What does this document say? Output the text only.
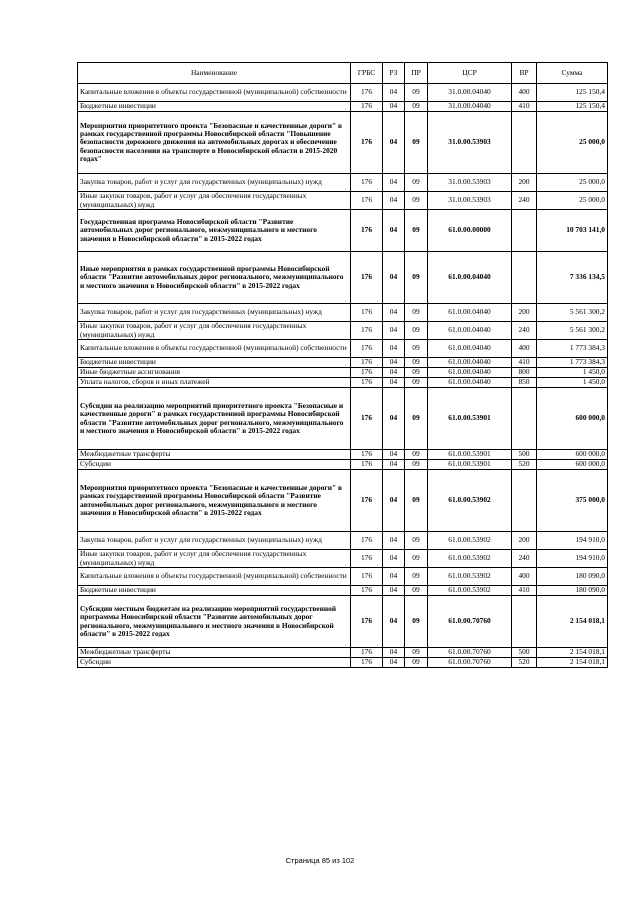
Наименование	ГРБС	РЗ	ПР	ЦСР	ВР	Сумма
Капитальные вложения в объекты государственной (муниципальной) собственности	176	04	09	31.0.00.04040	400	125 150,4
Бюджетные инвестиции	176	04	09	31.0.00.04040	410	125 150,4
Мероприятия приоритетного проекта "Безопасные и качественные дороги" в рамках государственной программы Новосибирской области "Повышение безопасности дорожного движения на автомобильных дорогах и обеспечение безопасности населения на транспорте в Новосибирской области в 2015-2020 годах"	176	04	09	31.0.00.53903		25 000,0
Закупка товаров, работ и услуг для государственных (муниципальных) нужд	176	04	09	31.0.00.53903	200	25 000,0
Иные закупки товаров, работ и услуг для обеспечения государственных (муниципальных) нужд	176	04	09	31.0.00.53903	240	25 000,0
Государственная программа Новосибирской области "Развитие автомобильных дорог регионального, межмуниципального и местного значения в Новосибирской области" в 2015-2022 годах	176	04	09	61.0.00.00000		10 703 141,0
Иные мероприятия в рамках государственной программы Новосибирской области "Развитие автомобильных дорог регионального, межмуниципального и местного значения в Новосибирской области" в 2015-2022 годах	176	04	09	61.0.00.04040		7 336 134,5
Закупка товаров, работ и услуг для государственных (муниципальных) нужд	176	04	09	61.0.00.04040	200	5 561 300,2
Иные закупки товаров, работ и услуг для обеспечения государственных (муниципальных) нужд	176	04	09	61.0.00.04040	240	5 561 300,2
Капитальные вложения в объекты государственной (муниципальной) собственности	176	04	09	61.0.00.04040	400	1 773 384,3
Бюджетные инвестиции	176	04	09	61.0.00.04040	410	1 773 384,3
Иные бюджетные ассигнования	176	04	09	61.0.00.04040	800	1 450,0
Уплата налогов, сборов и иных платежей	176	04	09	61.0.00.04040	850	1 450,0
Субсидии на реализацию мероприятий приоритетного проекта "Безопасные и качественные дороги" в рамках государственной программы Новосибирской области "Развитие автомобильных дорог регионального, межмуниципального и местного значения в Новосибирской области" в 2015-2022 годах	176	04	09	61.0.00.53901		600 000,0
Межбюджетные трансферты	176	04	09	61.0.00.53901	500	600 000,0
Субсидии	176	04	09	61.0.00.53901	520	600 000,0
Мероприятия приоритетного проекта "Безопасные и качественные дороги" в рамках государственной программы Новосибирской области "Развитие автомобильных дорог регионального, межмуниципального и местного значения в Новосибирской области" в 2015-2022 годах	176	04	09	61.0.00.53902		375 000,0
Закупка товаров, работ и услуг для государственных (муниципальных) нужд	176	04	09	61.0.00.53902	200	194 910,0
Иные закупки товаров, работ и услуг для обеспечения государственных (муниципальных) нужд	176	04	09	61.0.00.53902	240	194 910,0
Капитальные вложения в объекты государственной (муниципальной) собственности	176	04	09	61.0.00.53902	400	180 090,0
Бюджетные инвестиции	176	04	09	61.0.00.53902	410	180 090,0
Субсидии местным бюджетам на реализацию мероприятий государственной программы Новосибирской области "Развитие автомобильных дорог регионального, межмуниципального и местного значения в Новосибирской области" в 2015-2022 годах	176	04	09	61.0.00.70760		2 154 018,1
Межбюджетные трансферты	176	04	09	61.0.00.70760	500	2 154 018,1
Субсидии	176	04	09	61.0.00.70760	520	2 154 018,1
Страница 85 из 102
